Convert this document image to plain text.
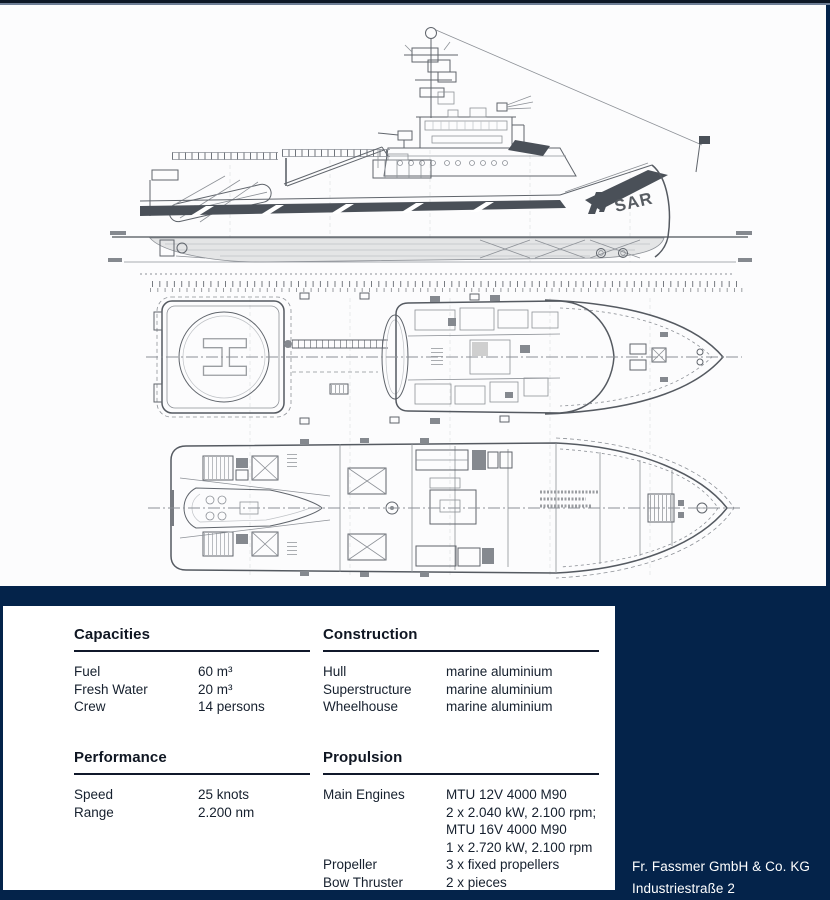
SAR
H
Capacities
Fuel	60 m³
Fresh Water	20 m³
Crew	14 persons
Construction
Hull	marine aluminium
Superstructure	marine aluminium
Wheelhouse	marine aluminium
Performance
Speed	25 knots
Range	2.200 nm
Propulsion
Main Engines	MTU 12V 4000 M90
2 x 2.040 kW, 2.100 rpm;
MTU 16V 4000 M90
1 x 2.720 kW, 2.100 rpm
Propeller	3 x fixed propellers
Bow Thruster	2 x pieces
Fr. Fassmer GmbH & Co. KG
Industriestraße 2
